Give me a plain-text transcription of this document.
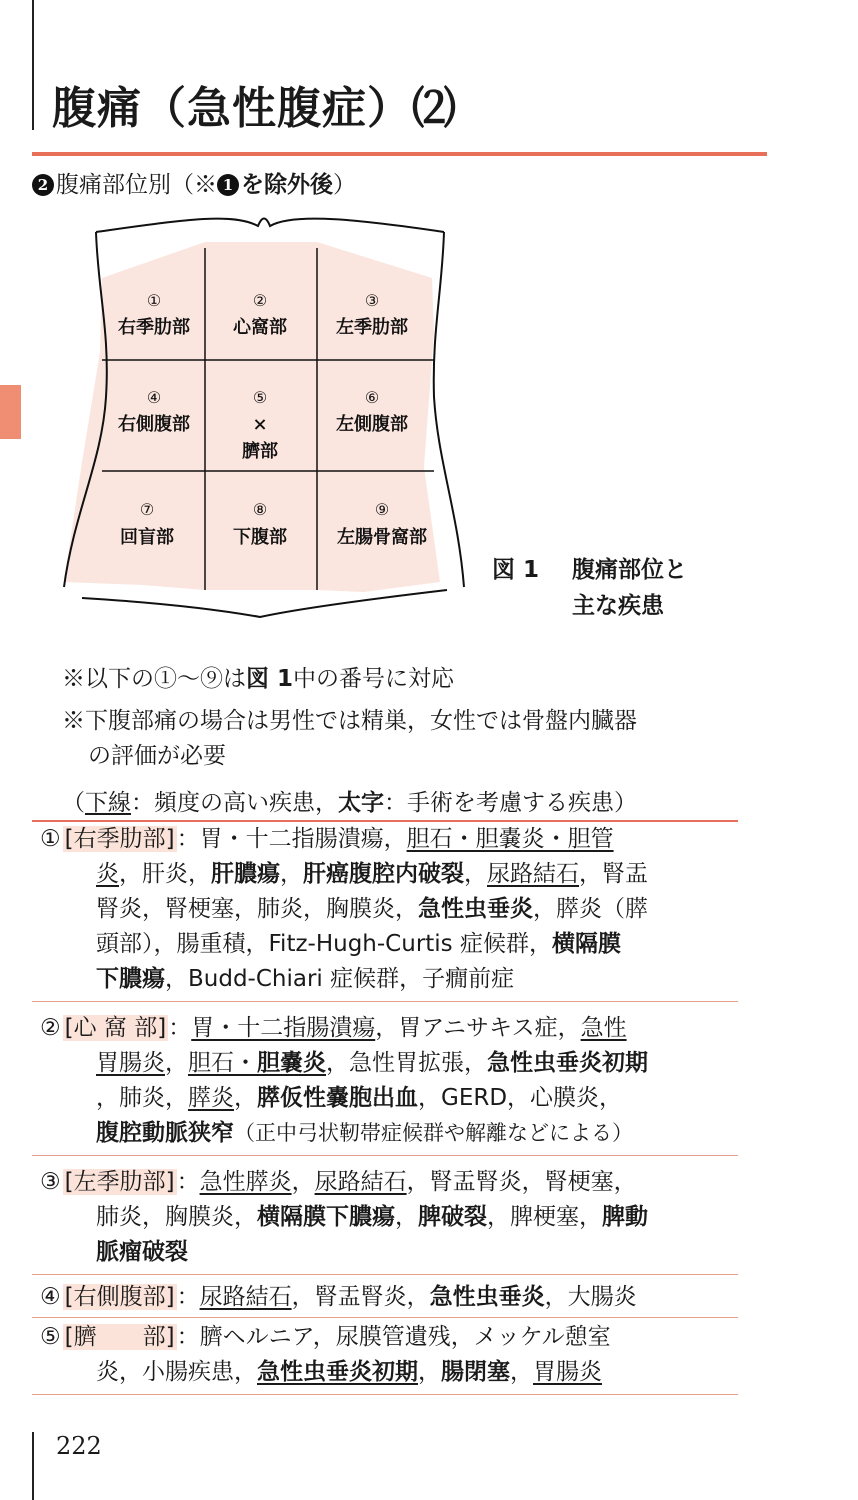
腹痛（急性腹症）⑵
2 腹痛部位別（※ 1 を除外後）
①
右季肋部
②
心窩部
③
左季肋部
④
右側腹部
⑤
×
臍部
⑥
左側腹部
⑦
回盲部
⑧
下腹部
⑨
左腸骨窩部
図 1 腹痛部位と
主な疾患
※以下の①〜⑨は図 1中の番号に対応
※下腹部痛の場合は男性では精巣，女性では骨盤内臓器
の評価が必要
（下線：頻度の高い疾患，太字：手術を考慮する疾患）
① [右季肋部]：胃・十二指腸潰瘍，胆石・胆嚢炎・胆管
炎，肝炎，肝膿瘍，肝癌腹腔内破裂，尿路結石，腎盂
腎炎，腎梗塞，肺炎，胸膜炎，急性虫垂炎，膵炎（膵
頭部），腸重積，Fitz-Hugh-Curtis 症候群，横隔膜
下膿瘍，Budd-Chiari 症候群，子癇前症
② [心 窩 部]：胃・十二指腸潰瘍，胃アニサキス症，急性
胃腸炎，胆石・胆嚢炎，急性胃拡張，急性虫垂炎初期
，肺炎，膵炎，膵仮性嚢胞出血，GERD，心膜炎，
腹腔動脈狭窄（正中弓状靭帯症候群や解離などによる）
③ [左季肋部]：急性膵炎，尿路結石，腎盂腎炎，腎梗塞，
肺炎，胸膜炎，横隔膜下膿瘍，脾破裂，脾梗塞，脾動
脈瘤破裂
④ [右側腹部]：尿路結石，腎盂腎炎，急性虫垂炎，大腸炎
⑤ [臍　　部]：臍ヘルニア，尿膜管遺残，メッケル憩室
炎，小腸疾患，急性虫垂炎初期，腸閉塞，胃腸炎
222
